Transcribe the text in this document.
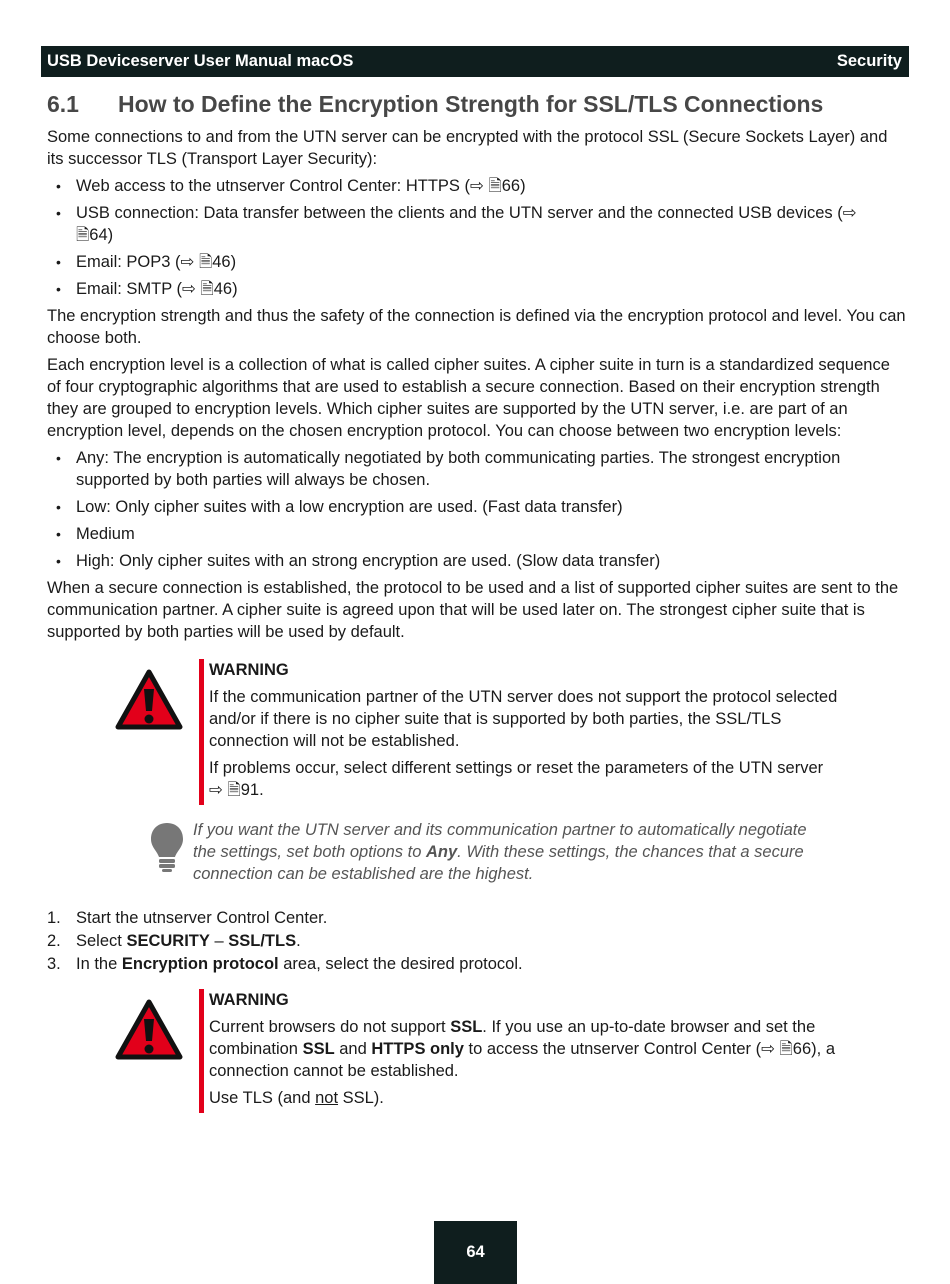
USB Deviceserver User Manual macOS	Security
6.1	How to Define the Encryption Strength for SSL/TLS Connections

Some connections to and from the UTN server can be encrypted with the protocol SSL (Secure Sockets Layer) and its successor TLS (Transport Layer Security):

• Web access to the utnserver Control Center: HTTPS (⇨ 🗎66)
• USB connection: Data transfer between the clients and the UTN server and the connected USB devices (⇨
🗎64)
• Email: POP3 (⇨ 🗎46)
• Email: SMTP (⇨ 🗎46)

The encryption strength and thus the safety of the connection is defined via the encryption protocol and level. You can choose both.

Each encryption level is a collection of what is called cipher suites. A cipher suite in turn is a standardized sequence of four cryptographic algorithms that are used to establish a secure connection. Based on their encryption strength they are grouped to encryption levels. Which cipher suites are supported by the UTN server, i.e. are part of an encryption level, depends on the chosen encryption protocol. You can choose between two encryption levels:

• Any: The encryption is automatically negotiated by both communicating parties. The strongest encryption supported by both parties will always be chosen.
• Low: Only cipher suites with a low encryption are used. (Fast data transfer)
• Medium
• High: Only cipher suites with an strong encryption are used. (Slow data transfer)

When a secure connection is established, the protocol to be used and a list of supported cipher suites are sent to the communication partner. A cipher suite is agreed upon that will be used later on. The strongest cipher suite that is supported by both parties will be used by default.

WARNING

If the communication partner of the UTN server does not support the protocol selected and/or if there is no cipher suite that is supported by both parties, the SSL/TLS connection will not be established.

If problems occur, select different settings or reset the parameters of the UTN server
⇨ 🗎91.

If you want the UTN server and its communication partner to automatically negotiate the settings, set both options to Any. With these settings, the chances that a secure connection can be established are the highest.
1. Start the utnserver Control Center.
2. Select SECURITY – SSL/TLS.
3. In the Encryption protocol area, select the desired protocol.
WARNING

Current browsers do not support SSL. If you use an up-to-date browser and set the combination SSL and HTTPS only to access the utnserver Control Center (⇨ 🗎66), a connection cannot be established.

Use TLS (and not SSL).

64
